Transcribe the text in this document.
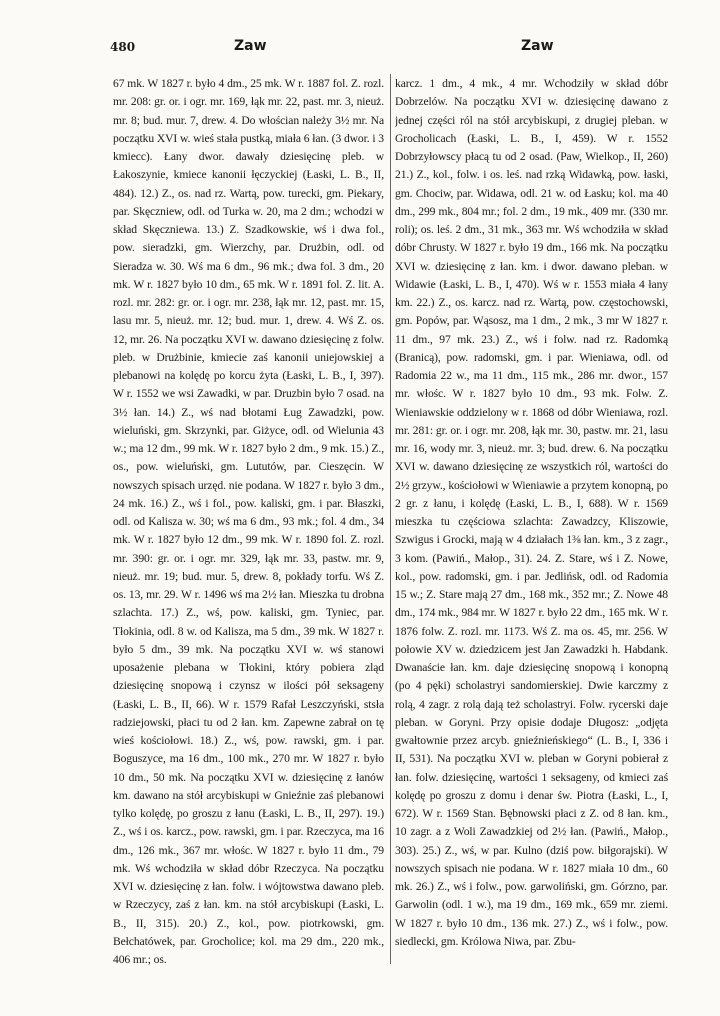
480	Zaw	Zaw

67 mk. W 1827 r. było 4 dm., 25 mk. W r. 1887 fol. Z. rozl. mr. 208: gr. or. i ogr. mr. 169, łąk mr. 22, past. mr. 3, nieuż. mr. 8; bud. mur. 7, drew. 4. Do włościan należy 3½ mr. Na początku XVI w. wieś stała pustką, miała 6 łan. (3 dwor. i 3 kmiecc). Łany dwor. dawały dziesięcinę pleb. w Łakoszynie, kmiece kanonii łęczyckiej (Łaski, L. B., II, 484). 12.) Z., os. nad rz. Wartą, pow. turecki, gm. Piekary, par. Skęczniew, odl. od Turka w. 20, ma 2 dm.; wchodzi w skład Skęczniewa. 13.) Z. Szadkowskie, wś i dwa fol., pow. sieradzki, gm. Wierzchy, par. Drużbin, odl. od Sieradza w. 30. Wś ma 6 dm., 96 mk.; dwa fol. 3 dm., 20 mk. W r. 1827 było 10 dm., 65 mk. W r. 1891 fol. Z. lit. A. rozl. mr. 282: gr. or. i ogr. mr. 238, łąk mr. 12, past. mr. 15, lasu mr. 5, nieuż. mr. 12; bud. mur. 1, drew. 4. Wś Z. os. 12, mr. 26. Na początku XVI w. dawano dziesięcinę z folw. pleb. w Drużbinie, kmiecie zaś kanonii uniejowskiej a plebanowi na kolędę po korcu żyta (Łaski, L. B., I, 397). W r. 1552 we wsi Zawadki, w par. Druzbin było 7 osad. na 3½ łan. 14.) Z., wś nad błotami Ług Zawadzki, pow. wieluński, gm. Skrzynki, par. Giżyce, odl. od Wielunia 43 w.; ma 12 dm., 99 mk. W r. 1827 było 2 dm., 9 mk. 15.) Z., os., pow. wieluński, gm. Lututów, par. Cieszęcin. W nowszych spisach urzęd. nie podana. W 1827 r. było 3 dm., 24 mk. 16.) Z., wś i fol., pow. kaliski, gm. i par. Błaszki, odl. od Kalisza w. 30; wś ma 6 dm., 93 mk.; fol. 4 dm., 34 mk. W r. 1827 było 12 dm., 99 mk. W r. 1890 fol. Z. rozl. mr. 390: gr. or. i ogr. mr. 329, łąk mr. 33, pastw. mr. 9, nieuż. mr. 19; bud. mur. 5, drew. 8, pokłady torfu. Wś Z. os. 13, mr. 29. W r. 1496 wś ma 2½ łan. Mieszka tu drobna szlachta. 17.) Z., wś, pow. kaliski, gm. Tyniec, par. Tłokinia, odl. 8 w. od Kalisza, ma 5 dm., 39 mk. W 1827 r. było 5 dm., 39 mk. Na początku XVI w. wś stanowi uposażenie plebana w Tłokini, który pobiera zląd dziesięcinę snopową i czynsz w ilości pół seksageny (Łaski, L. B., II, 66). W r. 1579 Rafał Leszczyński, stsła radziejowski, płaci tu od 2 łan. km. Zapewne zabrał on tę wieś kościołowi. 18.) Z., wś, pow. rawski, gm. i par. Boguszyce, ma 16 dm., 100 mk., 270 mr. W 1827 r. było 10 dm., 50 mk. Na początku XVI w. dziesięcinę z łanów km. dawano na stół arcybiskupi w Gnieźnie zaś plebanowi tylko kolędę, po groszu z łanu (Łaski, L. B., II, 297). 19.) Z., wś i os. karcz., pow. rawski, gm. i par. Rzeczyca, ma 16 dm., 126 mk., 367 mr. włośc. W 1827 r. było 11 dm., 79 mk. Wś wchodziła w skład dóbr Rzeczyca. Na początku XVI w. dziesięcinę z łan. folw. i wójtowstwa dawano pleb. w Rzeczycy, zaś z łan. km. na stół arcybiskupi (Łaski, L. B., II, 315). 20.) Z., kol., pow. piotrkowski, gm. Bełchatówek, par. Grocholice; kol. ma 29 dm., 220 mk., 406 mr.; os.

karcz. 1 dm., 4 mk., 4 mr. Wchodziły w skład dóbr Dobrzelów. Na początku XVI w. dziesięcinę dawano z jednej części ról na stół arcybiskupi, z drugiej pleban. w Grocholicach (Łaski, L. B., I, 459). W r. 1552 Dobrzyłowscy płacą tu od 2 osad. (Paw, Wielkop., II, 260) 21.) Z., kol., folw. i os. leś. nad rzką Widawką, pow. łaski, gm. Chociw, par. Widawa, odl. 21 w. od Łasku; kol. ma 40 dm., 299 mk., 804 mr.; fol. 2 dm., 19 mk., 409 mr. (330 mr. roli); os. leś. 2 dm., 31 mk., 363 mr. Wś wchodziła w skład dóbr Chrusty. W 1827 r. było 19 dm., 166 mk. Na początku XVI w. dziesięcinę z łan. km. i dwor. dawano pleban. w Widawie (Łaski, L. B., I, 470). Wś w r. 1553 miała 4 łany km. 22.) Z., os. karcz. nad rz. Wartą, pow. częstochowski, gm. Popów, par. Wąsosz, ma 1 dm., 2 mk., 3 mr W 1827 r. 11 dm., 97 mk. 23.) Z., wś i folw. nad rz. Radomką (Branicą), pow. radomski, gm. i par. Wieniawa, odl. od Radomia 22 w., ma 11 dm., 115 mk., 286 mr. dwor., 157 mr. włośc. W r. 1827 było 10 dm., 93 mk. Folw. Z. Wieniawskie oddzielony w r. 1868 od dóbr Wieniawa, rozl. mr. 281: gr. or. i ogr. mr. 208, łąk mr. 30, pastw. mr. 21, lasu mr. 16, wody mr. 3, nieuż. mr. 3; bud. drew. 6. Na początku XVI w. dawano dziesięcinę ze wszystkich ról, wartości do 2½ grzyw., kościołowi w Wieniawie a przytem konopną, po 2 gr. z łanu, i kolędę (Łaski, L. B., I, 688). W r. 1569 mieszka tu częściowa szlachta: Zawadzcy, Kliszowie, Szwigus i Grocki, mają w 4 działach 1⅜ łan. km., 3 z zagr., 3 kom. (Pawiń., Małop., 31). 24. Z. Stare, wś i Z. Nowe, kol., pow. radomski, gm. i par. Jedlińsk, odl. od Radomia 15 w.; Z. Stare mają 27 dm., 168 mk., 352 mr.; Z. Nowe 48 dm., 174 mk., 984 mr. W 1827 r. było 22 dm., 165 mk. W r. 1876 folw. Z. rozl. mr. 1173. Wś Z. ma os. 45, mr. 256. W połowie XV w. dziedzicem jest Jan Zawadzki h. Habdank. Dwanaście łan. km. daje dziesięcinę snopową i konopną (po 4 pęki) scholastryi sandomierskiej. Dwie karczmy z rolą, 4 zagr. z rolą dają też scholastryi. Folw. rycerski daje pleban. w Goryni. Przy opisie dodaje Długosz: „odjęta gwałtownie przez arcyb. gnieźnieńskiego“ (L. B., I, 336 i II, 531). Na początku XVI w. pleban w Goryni pobierał z łan. folw. dziesięcinę, wartości 1 seksageny, od kmieci zaś kolędę po groszu z domu i denar św. Piotra (Łaski, L., I, 672). W r. 1569 Stan. Bębnowski płaci z Z. od 8 łan. km., 10 zagr. a z Woli Zawadzkiej od 2½ łan. (Pawiń., Małop., 303). 25.) Z., wś, w par. Kulno (dziś pow. biłgorajski). W nowszych spisach nie podana. W r. 1827 miała 10 dm., 60 mk. 26.) Z., wś i folw., pow. garwoliński, gm. Górzno, par. Garwolin (odl. 1 w.), ma 19 dm., 169 mk., 659 mr. ziemi. W 1827 r. było 10 dm., 136 mk. 27.) Z., wś i folw., pow. siedlecki, gm. Królowa Niwa, par. Zbu-
